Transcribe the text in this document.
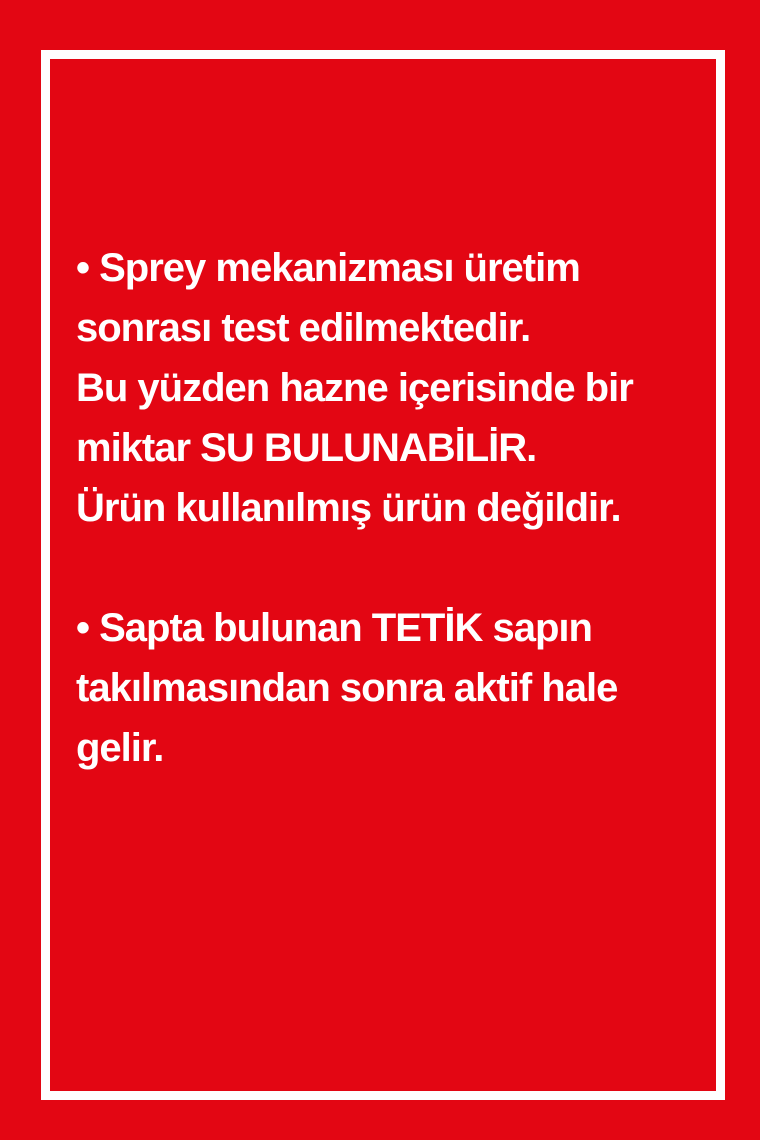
• Sprey mekanizması üretim
sonrası test edilmektedir.
Bu yüzden hazne içerisinde bir
miktar SU BULUNABİLİR.
Ürün kullanılmış ürün değildir.
• Sapta bulunan TETİK sapın
takılmasından sonra aktif hale
gelir.
